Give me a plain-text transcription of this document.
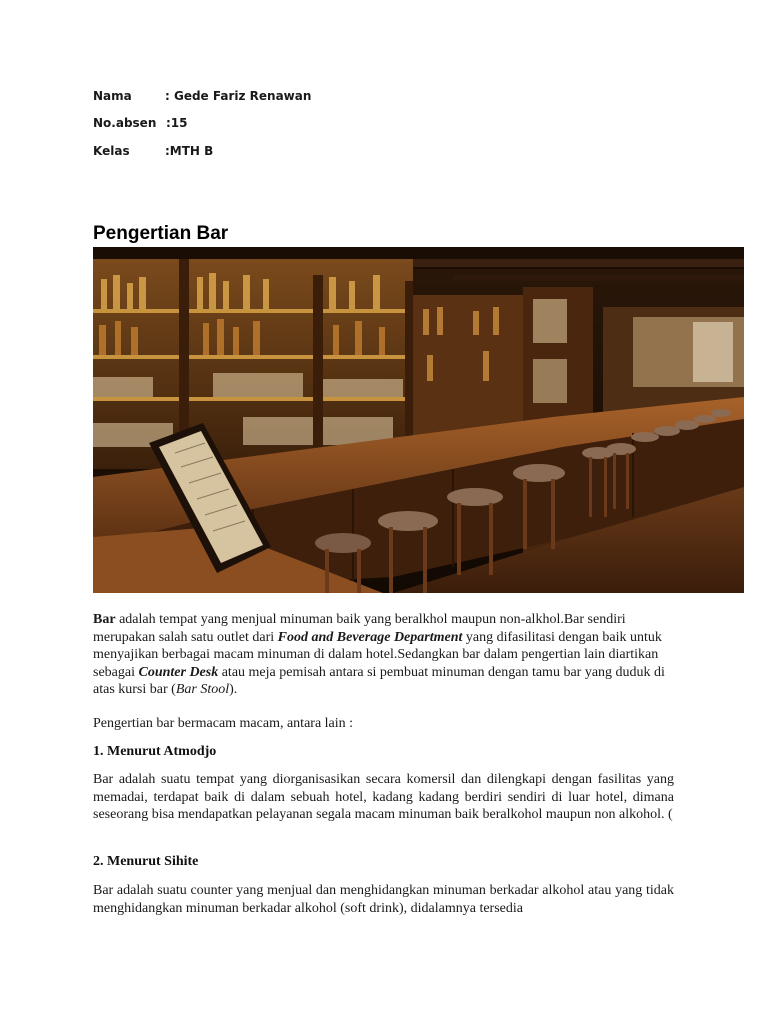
Nama	: Gede Fariz Renawan
No.absen :15
Kelas	:MTH B
Pengertian Bar

Bar adalah tempat yang menjual minuman baik yang beralkhol maupun non-alkhol.Bar sendiri merupakan salah satu outlet dari Food and Beverage Department yang difasilitasi dengan baik untuk menyajikan berbagai macam minuman di dalam hotel.Sedangkan bar dalam pengertian lain diartikan sebagai Counter Desk atau meja pemisah antara si pembuat minuman dengan tamu bar yang duduk di atas kursi bar (Bar Stool).

Pengertian bar bermacam macam, antara lain :

1. Menurut Atmodjo

Bar adalah suatu tempat yang diorganisasikan secara komersil dan dilengkapi dengan fasilitas yang memadai, terdapat baik di dalam sebuah hotel, kadang kadang berdiri sendiri di luar hotel, dimana seseorang bisa mendapatkan pelayanan segala macam minuman baik beralkohol maupun non alkohol. (

2. Menurut Sihite

Bar adalah suatu counter yang menjual dan menghidangkan minuman berkadar alkohol atau yang tidak menghidangkan minuman berkadar alkohol (soft drink), didalamnya tersedia
